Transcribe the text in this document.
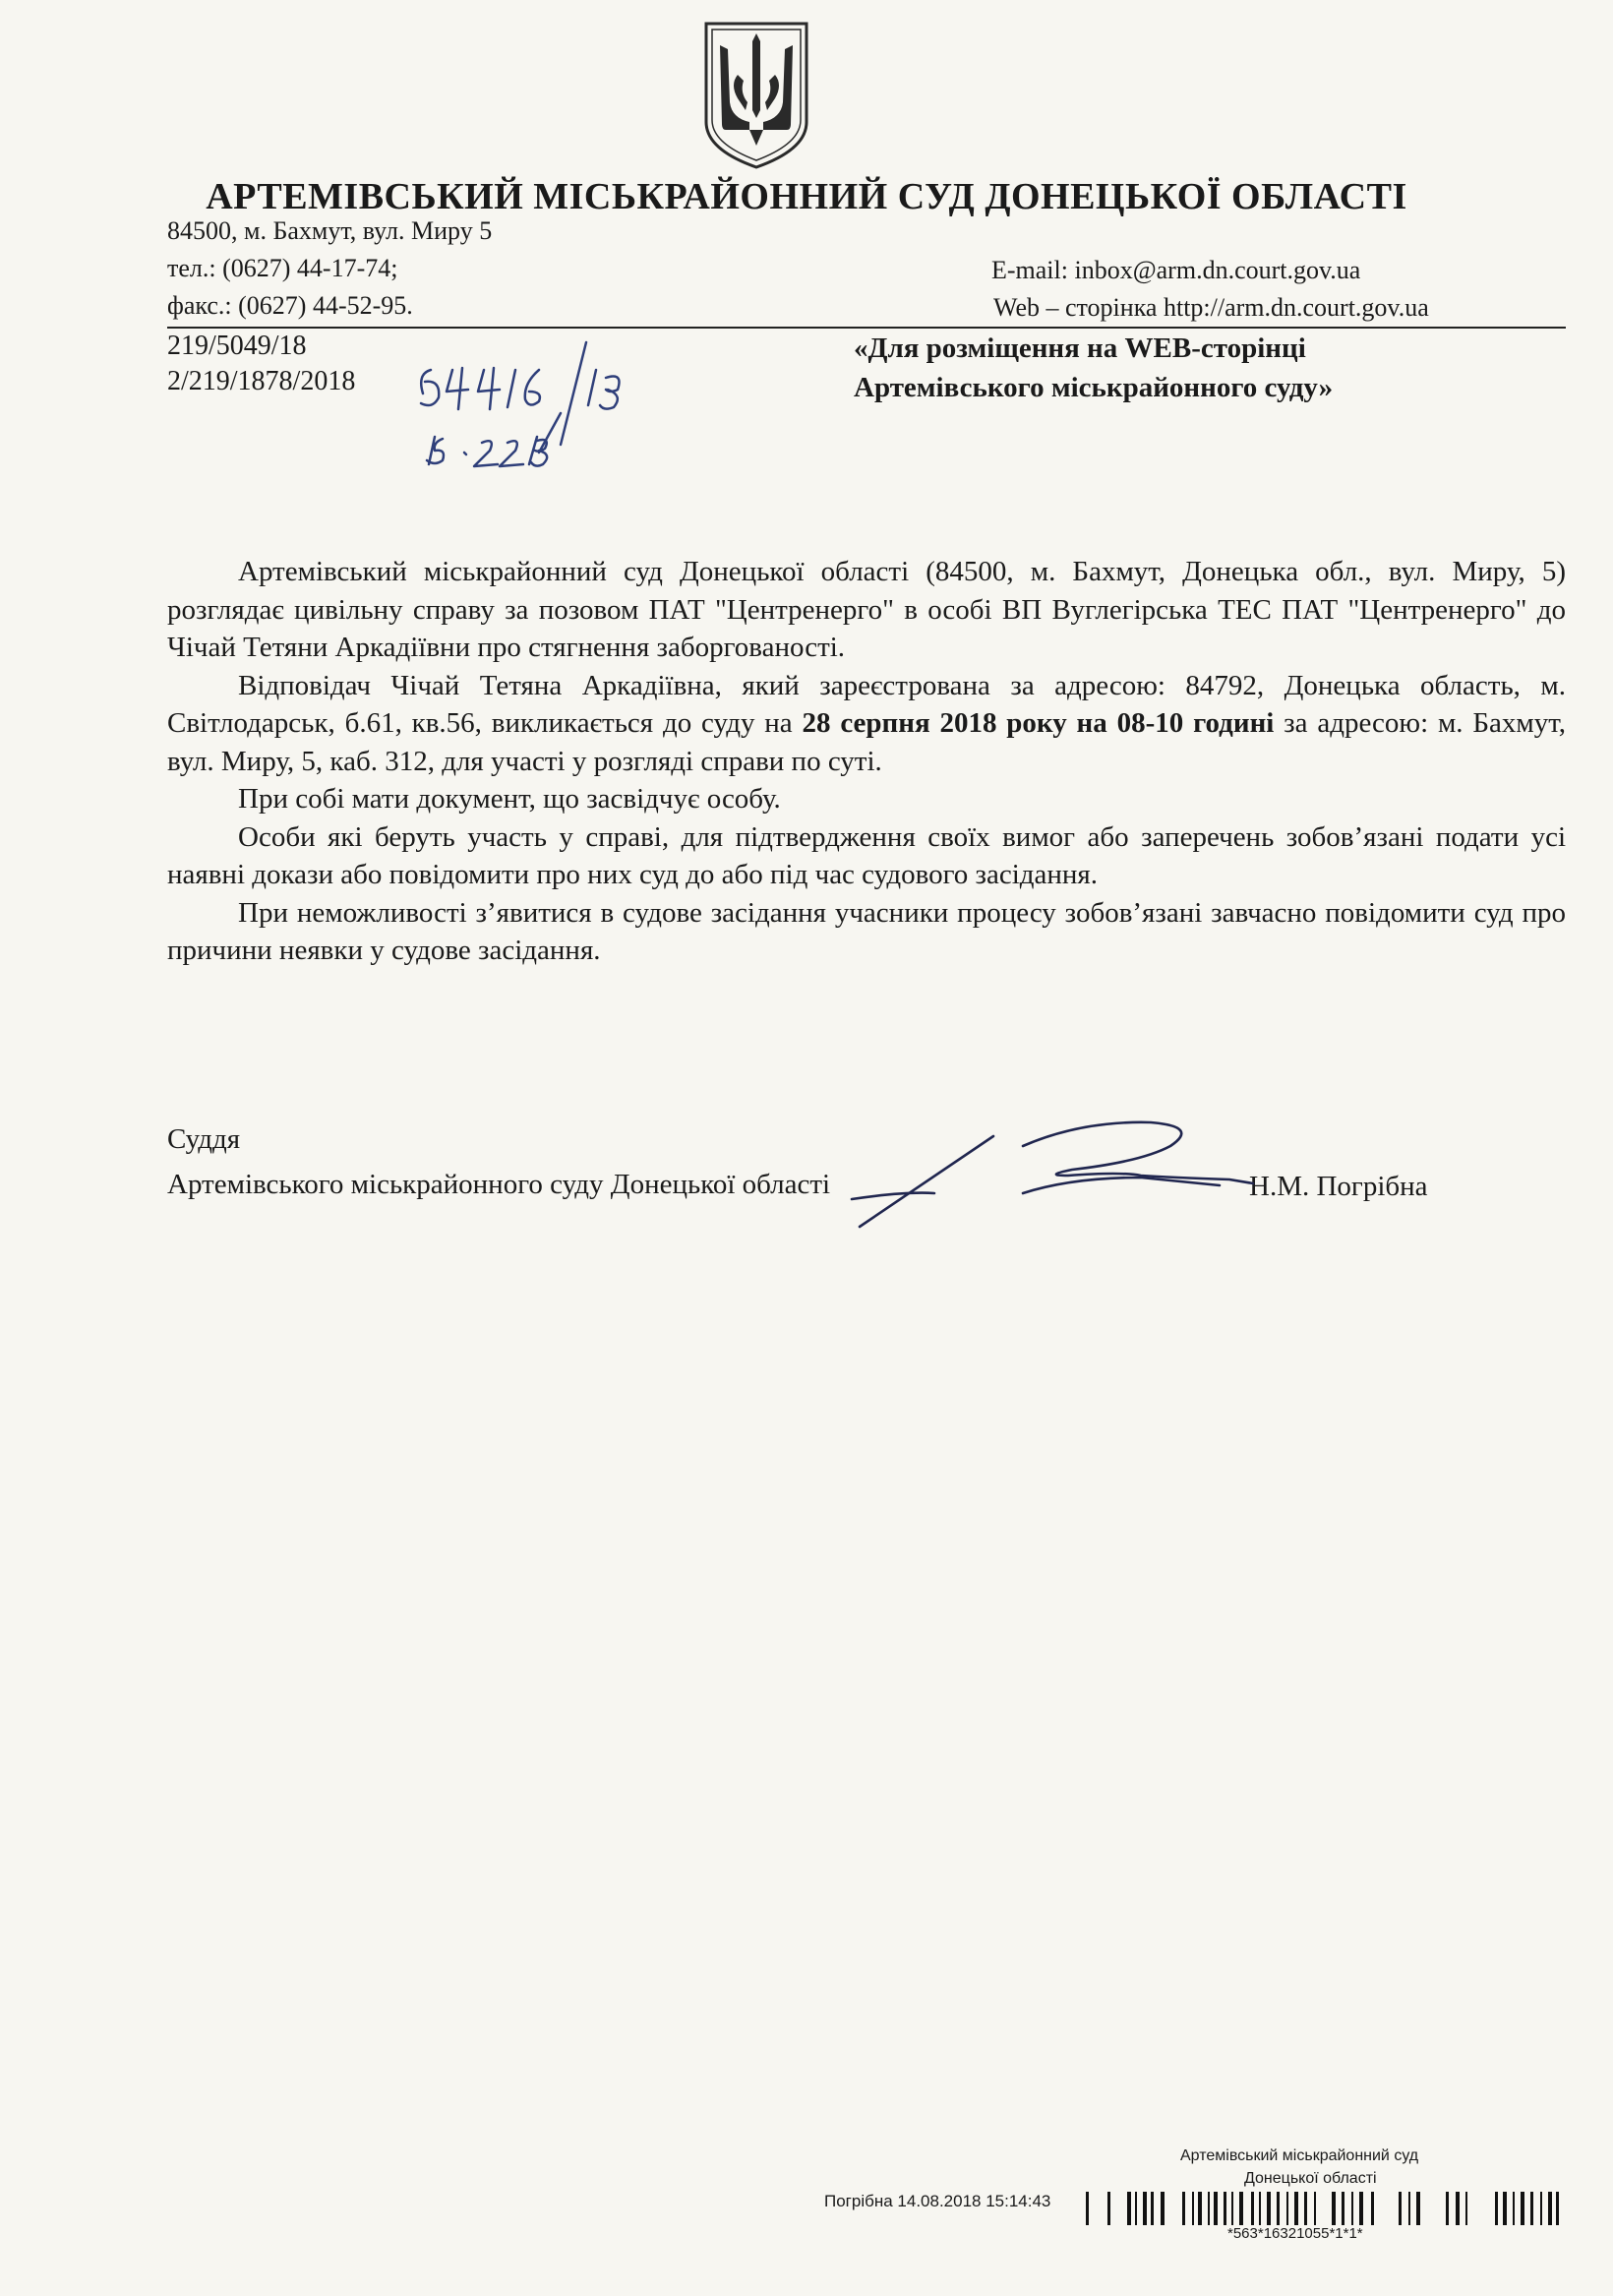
АРТЕМІВСЬКИЙ МІСЬКРАЙОННИЙ СУД ДОНЕЦЬКОЇ ОБЛАСТІ
84500, м. Бахмут, вул. Миру 5
тел.: (0627) 44-17-74;
факс.: (0627) 44-52-95.
E-mail: inbox@arm.dn.court.gov.ua
Web – сторінка http://arm.dn.court.gov.ua
219/5049/18
2/219/1878/2018
«Для розміщення на WEB-сторінці
Артемівського міськрайонного суду»

Артемівський міськрайонний суд Донецької області (84500, м. Бахмут, Донецька обл., вул. Миру, 5) розглядає цивільну справу за позовом ПАТ "Центренерго" в особі ВП Вуглегірська ТЕС ПАТ "Центренерго" до Чічай Тетяни Аркадіївни про стягнення заборгованості.

Відповідач Чічай Тетяна Аркадіївна, який зареєстрована за адресою: 84792, Донецька область, м. Світлодарськ, б.61, кв.56, викликається до суду на 28 серпня 2018 року на 08-10 годині за адресою: м. Бахмут, вул. Миру, 5, каб. 312, для участі у розгляді справи по суті.

При собі мати документ, що засвідчує особу.

Особи які беруть участь у справі, для підтвердження своїх вимог або заперечень зобов’язані подати усі наявні докази або повідомити про них суд до або під час судового засідання.

При неможливості з’явитися в судове засідання учасники процесу зобов’язані завчасно повідомити суд про причини неявки у судове засідання.

Суддя
Артемівського міськрайонного суду Донецької області	Н.М. Погрібна
Артемівський міськрайонний суд
Донецької області
Погрібна 14.08.2018 15:14:43
*563*16321055*1*1*
